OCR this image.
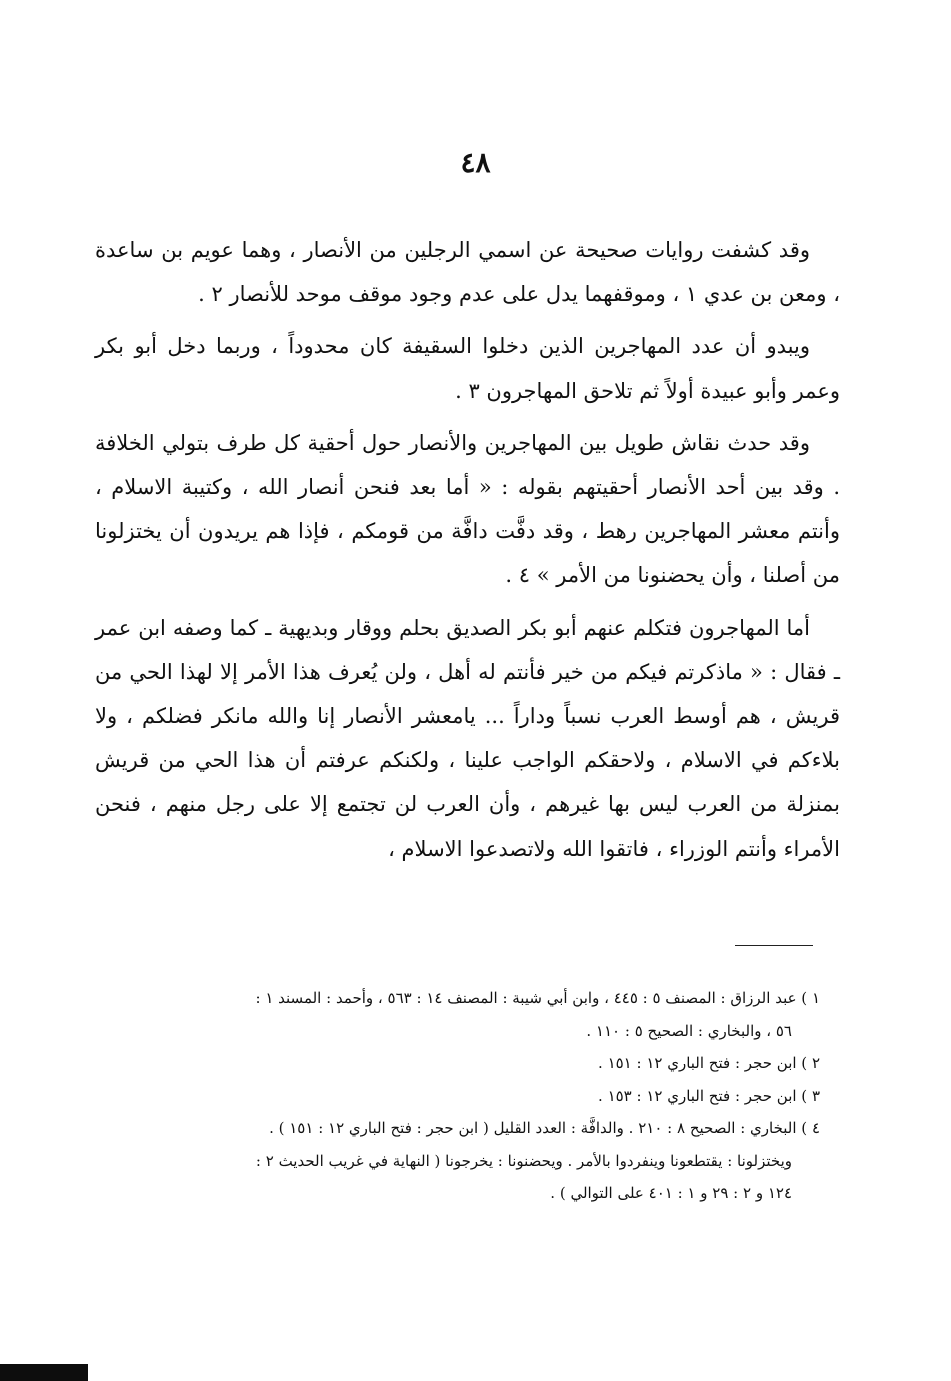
٤٨

وقد كشفت روايات صحيحة عن اسمي الرجلين من الأنصار ، وهما عويم بن ساعدة ، ومعن بن عدي ١ ، وموقفهما يدل على عدم وجود موقف موحد للأنصار ٢ .

ويبدو أن عدد المهاجرين الذين دخلوا السقيفة كان محدوداً ، وربما دخل أبو بكر وعمر وأبو عبيدة أولاً ثم تلاحق المهاجرون ٣ .

وقد حدث نقاش طويل بين المهاجرين والأنصار حول أحقية كل طرف بتولي الخلافة . وقد بين أحد الأنصار أحقيتهم بقوله : « أما بعد فنحن أنصار الله ، وكتيبة الاسلام ، وأنتم معشر المهاجرين رهط ، وقد دفَّت دافَّة من قومكم ، فإذا هم يريدون أن يختزلونا من أصلنا ، وأن يحضنونا من الأمر » ٤ .

أما المهاجرون فتكلم عنهم أبو بكر الصديق بحلم ووقار وبديهية ـ كما وصفه ابن عمر ـ فقال : « ماذكرتم فيكم من خير فأنتم له أهل ، ولن يُعرف هذا الأمر إلا لهذا الحي من قريش ، هم أوسط العرب نسباً وداراً ... يامعشر الأنصار إنا والله مانكر فضلكم ، ولا بلاءكم في الاسلام ، ولاحقكم الواجب علينا ، ولكنكم عرفتم أن هذا الحي من قريش بمنزلة من العرب ليس بها غيرهم ، وأن العرب لن تجتمع إلا على رجل منهم ، فنحن الأمراء وأنتم الوزراء ، فاتقوا الله ولاتصدعوا الاسلام ،

١ ) عبد الرزاق : المصنف ٥ : ٤٤٥ ، وابن أبي شيبة : المصنف ١٤ : ٥٦٣ ، وأحمد : المسند ١ :

٥٦ ، والبخاري : الصحيح ٥ : ١١٠ .

٢ ) ابن حجر : فتح الباري ١٢ : ١٥١ .

٣ ) ابن حجر : فتح الباري ١٢ : ١٥٣ .

٤ ) البخاري : الصحيح ٨ : ٢١٠ . والدافَّة : العدد القليل ( ابن حجر : فتح الباري ١٢ : ١٥١ ) .

ويختزلونا : يقتطعونا وينفردوا بالأمر . ويحضنونا : يخرجونا ( النهاية في غريب الحديث ٢ :

١٢٤ و ٢ : ٢٩ و ١ : ٤٠١ على التوالي ) .
